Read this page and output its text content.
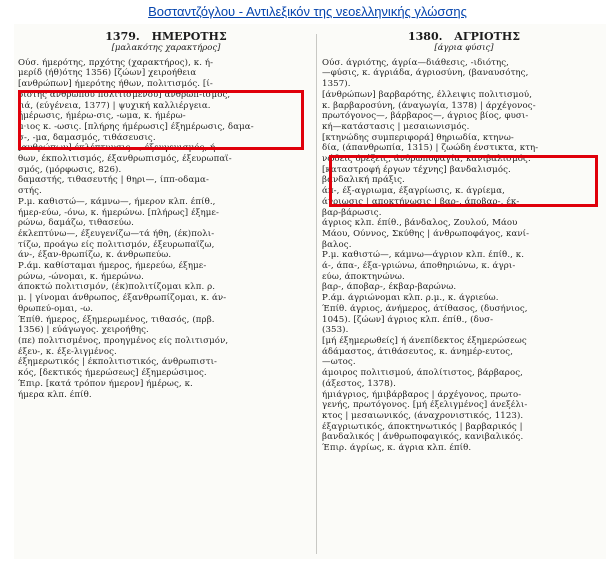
Βοσταντζόγλου - Αντιλεξικόν της νεοελληνικής γλώσσης
1379. ΗΜΕΡΟΤΗΣ
[μαλακότης χαρακτήρος]
Ούσ. ήμερότης, πρχότης (χαρακτήρος), κ. ή-
μερίδ (ήθ)ότης 1356) [ζώων] χειροήθεια
[ανθρώπων] ήμερότης ήθων, πολιτισμός. [ί-
διότης ανθρώπου πολιτισμένου] ανθρωπ-ισμός,
-ιά, (εύγένεια, 1377) | ψυχική καλλιέργεια.
ήμέρωσις, ήμέρω-σις, -ωμα, κ. ήμέρω-
μ·ιος κ. -ωσις. [πλήρης ήμέρωσις] έξημέρωσις, δαμα-
σ-, -μα, δαμασμός, τιθάσευσις.
[ανθρώπων] έκλέπτυνσις—, έξευγενισμός, ή-
θων, έκπολιτισμός, έξανθρωπισμός, έξευρωπαϊ-
σμός, (μόρφωσις, 826).
δαμαστής, τιθασευτής | θηρι—, ίππ-οδαμα-
στής.
Ρ.μ. καθιστώ—, κάμνω—, ήμερον κλπ. έπίθ.,
ήμερ-εύω, -όνω, κ. ήμερώνω. [πλήρως] έξημε-
ρώνω, δαμάζω, τιθασεύω.
έκλεπτύνω—, έξευγενίζω—τά ήθη, (έκ)πολι-
τίζω, προάγω είς πολιτισμόν, έξευρωπαΐζω,
άν-, έξαν-θρωπίζω, κ. άνθρωπεύω.
Ρ.άμ. καθίσταμαι ήμερος, ήμερεύω, έξημε-
ρώνω, -ώνομαι, κ. ήμερώνω.
άποκτώ πολιτισμόν, (έκ)πολιτίζομαι κλπ. ρ.
μ. | γίνομαι άνθρωπος, έξανθρωπίζομαι, κ. άν-
θρωπεύ-ομαι, -ω.
Έπίθ. ήμερος, έξημερωμένος, τιθασός, (πρβ.
1356) | εύάγωγος. χειροήθης.
(πε) πολιτισμένος, προηγμένος είς πολιτισμόν,
έξευ-, κ. έξε-λιγμένος.
έξημερωτικός | έκπολιτιστικός, άνθρωπιστι-
κός, [δεκτικός ήμερώσεως] έξημερώσιμος.
Έπιρ. [κατά τρόπον ήμερον] ήμέρως, κ.
ήμερα κλπ. έπίθ.
1380. ΑΓΡΙΟΤΗΣ
[άγρια φύσις]
Ούσ. άγριότης, άγρία—διάθεσις, -ιδιότης,
—φύσις, κ. άγριάδα, άγριοσύνη, (βαναυσότης,
1357).
[άνθρώπων] βαρβαρότης, έλλειψις πολιτισμού,
κ. βαρβαροσύνη, (άναγωγία, 1378) | άρχέγονος-
πρωτόγονος—, βάρβαρος—, άγριος βίος, φυσι-
κή—κατάστασις | μεσαιωνισμός.
[κτηνώδης συμπεριφορά] θηριωδία, κτηνω-
δία, (άπανθρωπία, 1315) | ζωώδη ένστικτα, κτη-
νώδεις όρέξεις, άνθρωποφαγία, κανιβαλισμός.
[καταστροφή έργων τέχνης] βανδαλισμός.
βανδαλική πράξις.
άπ-, έξ-αγριωμα, έξαγρίωσις, κ. άγρίεμα,
άγριωσις | αποκτήνωσις | βαρ-, άποβαρ-, έκ-
βαρ-βάρωσις.
άγριος κλπ. έπίθ., βάνδαλος, Ζουλού, Μάου
Μάου, Ούννος, Σκύθης | άνθρωποφάγος, κανί-
βαλος.
Ρ.μ. καθιστώ—, κάμνω—άγριον κλπ. έπίθ., κ.
ά-, άπα-, έξα-γριώνω, άποθηριώνω, κ. άγρι-
εύω, άποκτηνώνω.
βαρ-, άποβαρ-, έκβαρ-βαρώνω.
Ρ.άμ. άγριώνομαι κλπ. ρ.μ., κ. άγριεύω.
Έπίθ. άγριος, άνήμερος, άτίθασος, (δυσήνιος,
1045). [ζώων] άγριος κλπ. έπίθ., (δυσ-
(353).
[μή έξημερωθείς] ή άνεπίδεκτος έξημερώσεως
άδάμαστος, άτιθάσευτος, κ. άνημέρ-ευτος,
—ωτος.
άμοιρος πολιτισμού, άπολίτιστος, βάρβαρος,
(άξεστος, 1378).
ήμιάγριος, ήμιβάρβαρος | άρχέγονος, πρωτο-
γενής, πρωτόγονος. [μή έξελιγμένος] άνεξέλι-
κτος | μεσαιωνικός, (άναχρονιστικός, 1123).
έξαγριωτικός, άποκτηνωτικός | βαρβαρικός |
βανδαλικός | άνθρωποφαγικός, κανιβαλικός.
Έπιρ. άγρίως, κ. άγρια κλπ. έπίθ.
